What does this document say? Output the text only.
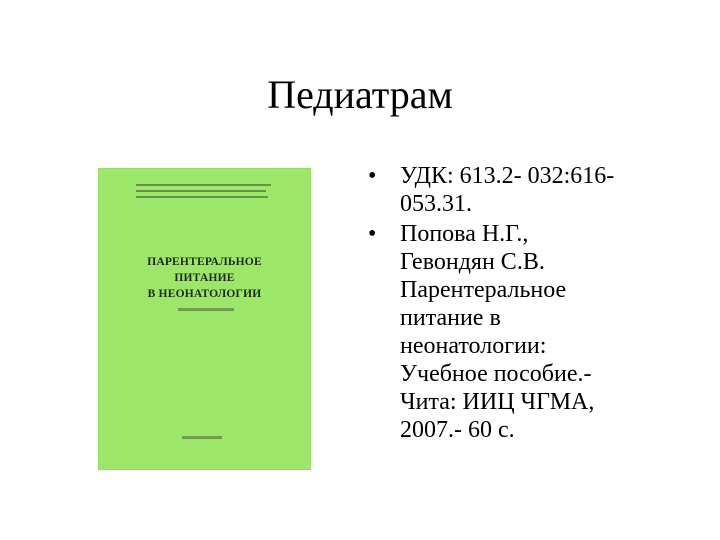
Педиатрам
ПАРЕНТЕРАЛЬНОЕ
ПИТАНИЕ
В НЕОНАТОЛОГИИ
• УДК: 613.2- 032:616-
053.31.
• Попова Н.Г.,
Гевондян С.В.
Парентеральное
питание в
неонатологии:
Учебное пособие.-
Чита: ИИЦ ЧГМА,
2007.- 60 с.
